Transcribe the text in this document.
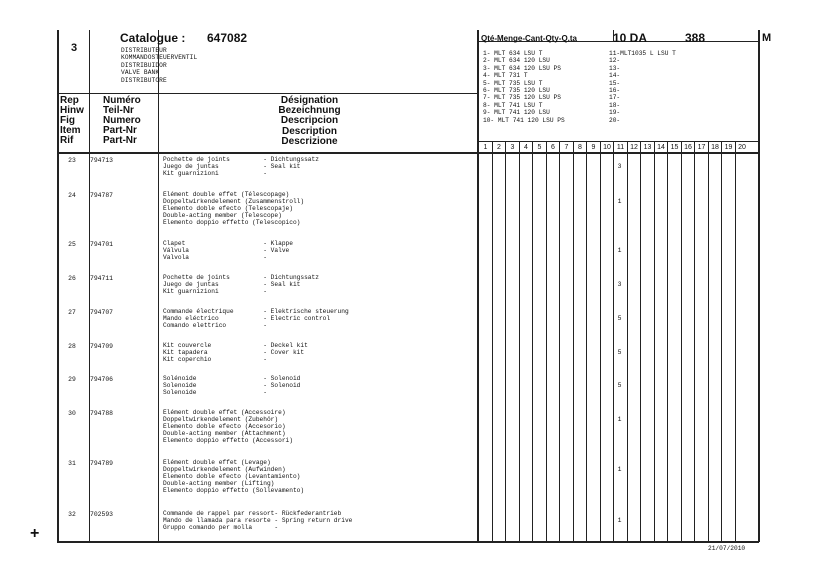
3
Catalogue : 647082
DISTRIBUTEUR
KOMMANDOSTEUERVENTIL
DISTRIBUIDOR
VALVE BANK
DISTRIBUTORE
Rep
Hinw
Fig
Item
Rif
Numéro
Teil-Nr
Numero
Part-Nr
Part-Nr
Désignation
Bezeichnung
Descripcion
Description
Descrizione
Qté-Menge-Cant-Qty-Q.ta	10 DA	388	M
1- MLT 634 LSU T
2- MLT 634 120 LSU
3- MLT 634 120 LSU PS
4- MLT 731 T
5- MLT 735 LSU T
6- MLT 735 120 LSU
7- MLT 735 120 LSU PS
8- MLT 741 LSU T
9- MLT 741 120 LSU
10- MLT 741 120 LSU PS
11-MLT1035 L LSU T
12-
13-
14-
15-
16-
17-
18-
19-
20-
1	2	3	4	5	6	7	8	9	10 11 12 13 14 15 16 17 18 19 20
23	794713	Pochette de joints         - Dichtungssatz
Juego de juntas            - Seal kit
Kit guarnizioni            -
3
24	794787	Elément double effet (Télescopage)
Doppeltwirkendelement (Zusammenstroll)
Elemento doble efecto (Telescopaje)
Double-acting member (Telescope)
Elemento doppio effetto (Telescopico)
1
25	794701	Clapet                     - Klappe
Válvula                    - Valve
Valvola                    -
1
26	794711	Pochette de joints         - Dichtungssatz
Juego de juntas            - Seal kit
Kit guarnizioni            -
3
27	794707	Commande électrique        - Elektrische steuerung
Mando eléctrico            - Electric control
Comando elettrico          -
5
28	794709	Kit couvercle              - Deckel kit
Kit tapadera               - Cover kit
Kit coperchio              -
5
29	794706	Solénoide                  - Solenoid
Solenoide                  - Solenoid
Solenoide                  -
5
30	794788	Elément double effet (Accessoire)
Doppeltwirkendelement (Zubehör)
Elemento doble efecto (Accesorio)
Double-acting member (Attachment)
Elemento doppio effetto (Accessori)
1
31	794789	Elément double effet (Levage)
Doppeltwirkendelement (Aufwinden)
Elemento doble efecto (Levantamiento)
Double-acting member (Lifting)
Elemento doppio effetto (Sollevamento)
1
32	702593	Commande de rappel par ressort- Rückfederantrieb
Mando de llamada para resorte - Spring return drive
Gruppo comando per molla      -
1
21/07/2010
+
